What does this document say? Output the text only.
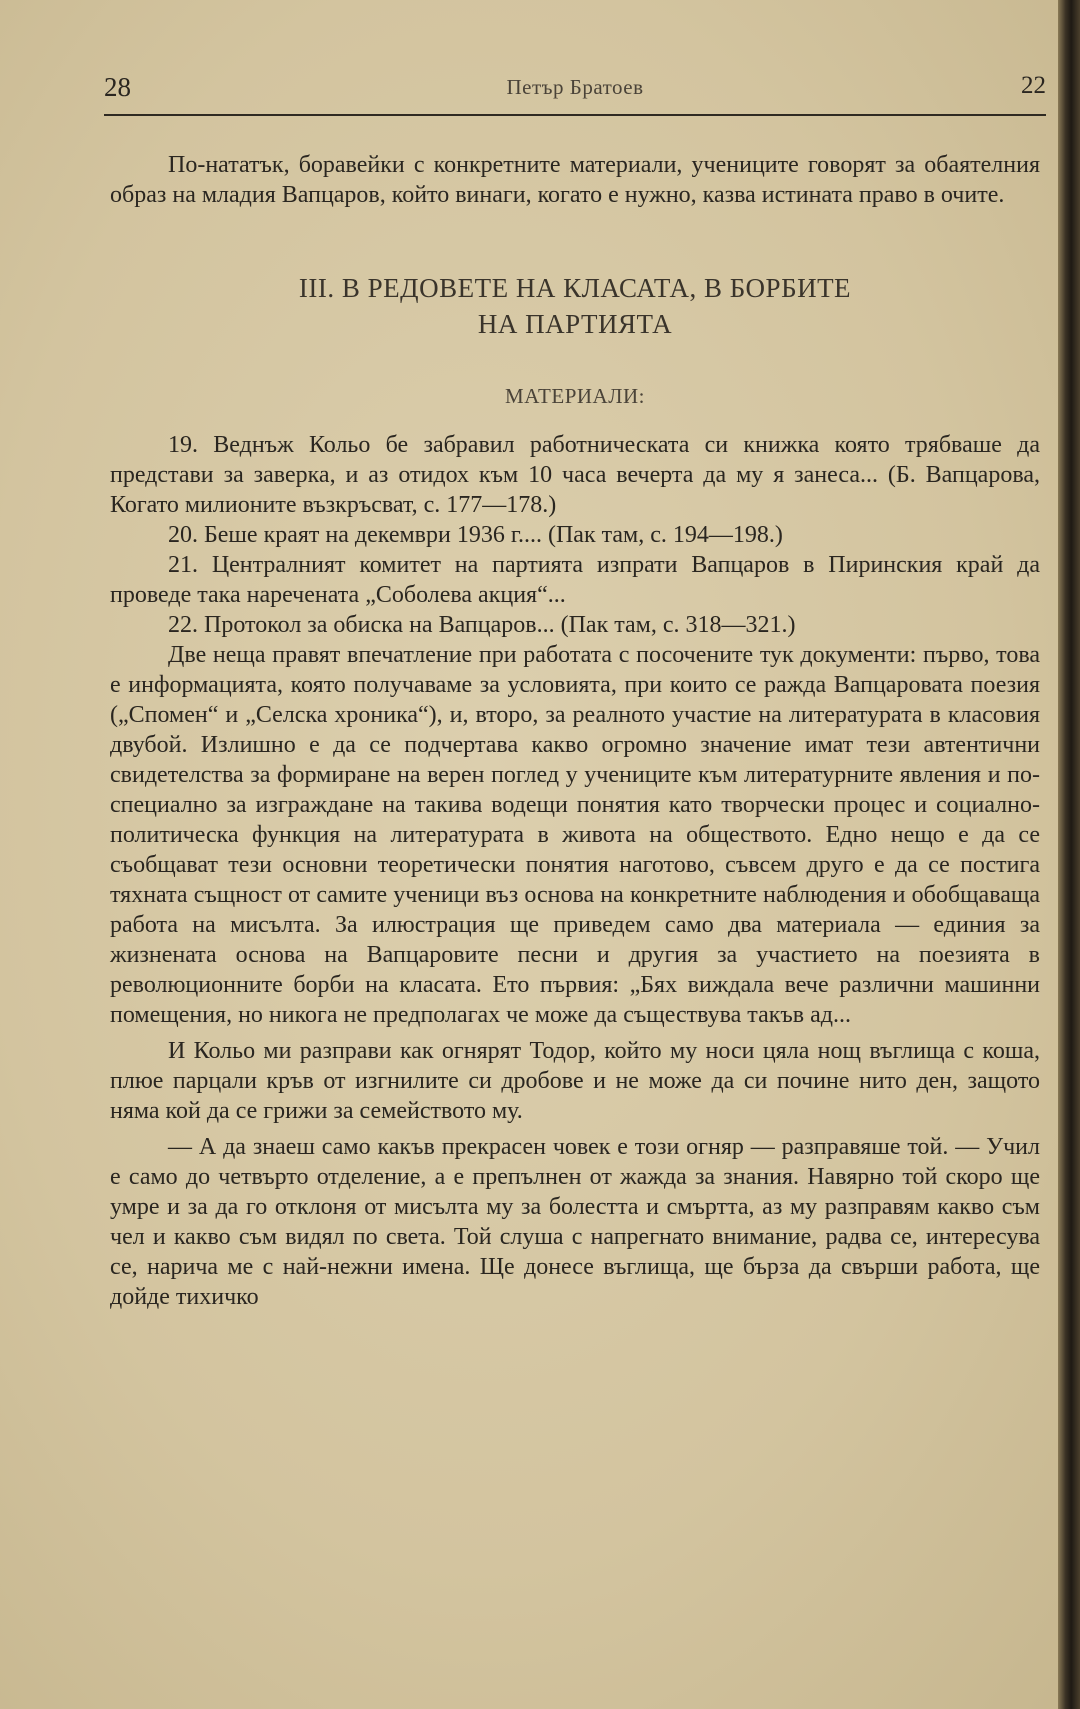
28	Петър Братоев	22

По-нататък, боравейки с конкретните материали, учениците говорят за обаятелния образ на младия Вапцаров, който винаги, когато е нужно, казва истината право в очите.

III. В РЕДОВЕТЕ НА КЛАСАТА, В БОРБИТЕ
НА ПАРТИЯТА
МАТЕРИАЛИ:

19. Веднъж Кольо бе забравил работническата си книжка която трябваше да представи за заверка, и аз отидох към 10 часа вечерта да му я занеса... (Б. Вапцарова, Когато милионите възкръсват, с. 177—178.)

20. Беше краят на декември 1936 г.... (Пак там, с. 194—198.)

21. Централният комитет на партията изпрати Вапцаров в Пиринския край да проведе така наречената „Соболева акция“...

22. Протокол за обиска на Вапцаров... (Пак там, с. 318—321.)

Две неща правят впечатление при работата с посочените тук документи: първо, това е информацията, която получаваме за условията, при които се ражда Вапцаровата поезия („Спомен“ и „Селска хроника“), и, второ, за реалното участие на литературата в класовия двубой. Излишно е да се подчертава какво огромно значение имат тези автентични свидетелства за формиране на верен поглед у учениците към литературните явления и по-специално за изграждане на такива водещи понятия като творчески процес и социално-политическа функция на литературата в живота на обществото. Едно нещо е да се съобщават тези основни теоретически понятия наготово, съвсем друго е да се постига тяхната същност от самите ученици въз основа на конкретните наблюдения и обобщаваща работа на мисълта. За илюстрация ще приведем само два материала — единия за жизнената основа на Вапцаровите песни и другия за участието на поезията в революционните борби на класата. Ето първия: „Бях виждала вече различни машинни помещения, но никога не предполагах че може да съществува такъв ад...

И Кольо ми разправи как огнярят Тодор, който му носи цяла нощ въглища с коша, плюе парцали кръв от изгнилите си дробове и не може да си почине нито ден, защото няма кой да се грижи за семейството му.

— А да знаеш само какъв прекрасен човек е този огняр — разправяше той. — Учил е само до четвърто отделение, а е препълнен от жажда за знания. Навярно той скоро ще умре и за да го отклоня от мисълта му за болестта и смъртта, аз му разправям какво съм чел и какво съм видял по света. Той слуша с напрегнато внимание, радва се, интересува се, нарича ме с най-нежни имена. Ще донесе въглища, ще бърза да свърши работа, ще дойде тихичко
